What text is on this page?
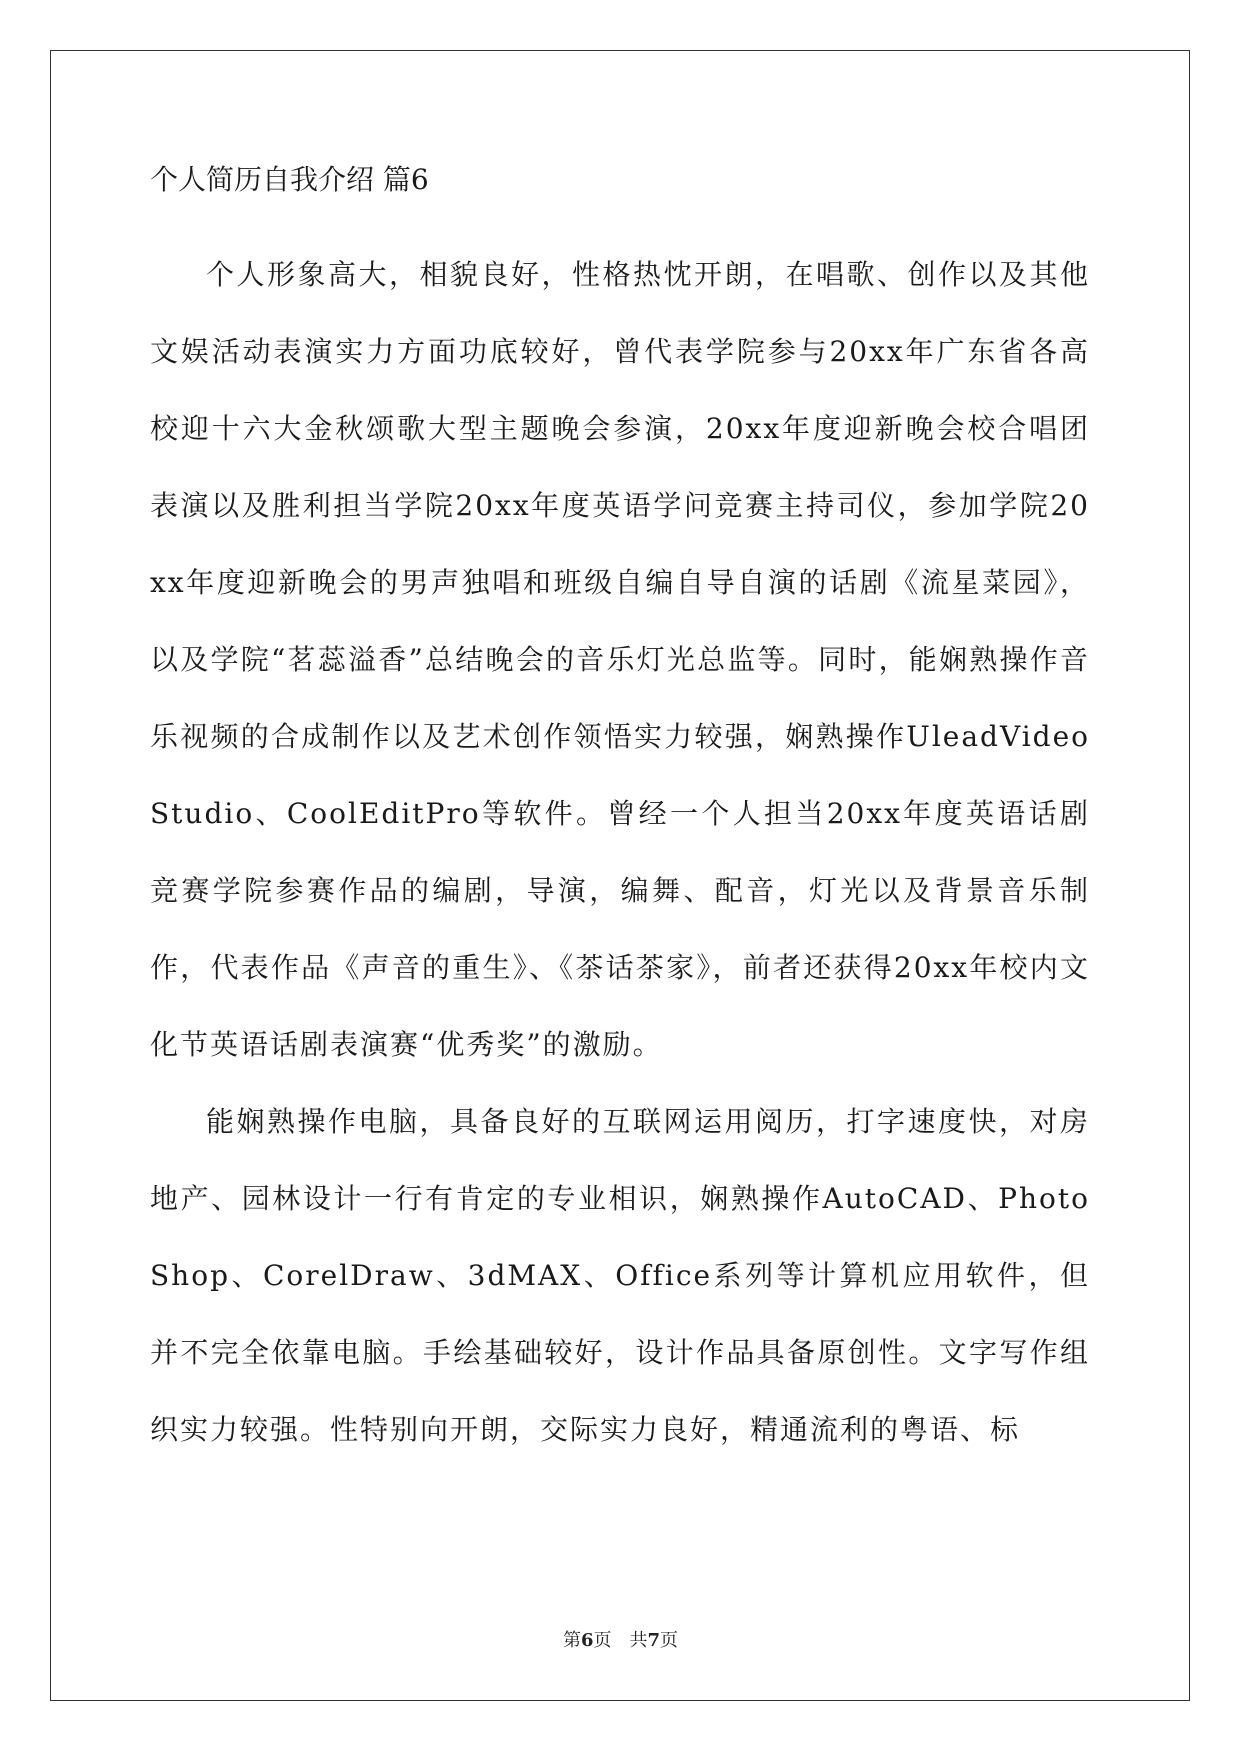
个人简历自我介绍 篇6

个人形象高大，相貌良好，性格热忱开朗，在唱歌、创作以及其他文娱活动表演实力方面功底较好，曾代表学院参与20xx年广东省各高校迎十六大金秋颂歌大型主题晚会参演，20xx年度迎新晚会校合唱团表演以及胜利担当学院20xx年度英语学问竞赛主持司仪，参加学院20xx年度迎新晚会的男声独唱和班级自编自导自演的话剧《流星菜园》，以及学院“茗蕊溢香”总结晚会的音乐灯光总监等。同时，能娴熟操作音乐视频的合成制作以及艺术创作领悟实力较强，娴熟操作UleadVideoStudio、CoolEditPro等软件。曾经一个人担当20xx年度英语话剧竞赛学院参赛作品的编剧，导演，编舞、配音，灯光以及背景音乐制作，代表作品《声音的重生》、《茶话茶家》，前者还获得20xx年校内文化节英语话剧表演赛“优秀奖”的激励。

能娴熟操作电脑，具备良好的互联网运用阅历，打字速度快，对房地产、园林设计一行有肯定的专业相识，娴熟操作AutoCAD、PhotoShop、CorelDraw、3dMAX、Office系列等计算机应用软件，但并不完全依靠电脑。手绘基础较好，设计作品具备原创性。文字写作组织实力较强。性特别向开朗，交际实力良好，精通流利的粤语、标

第6页 共7页
